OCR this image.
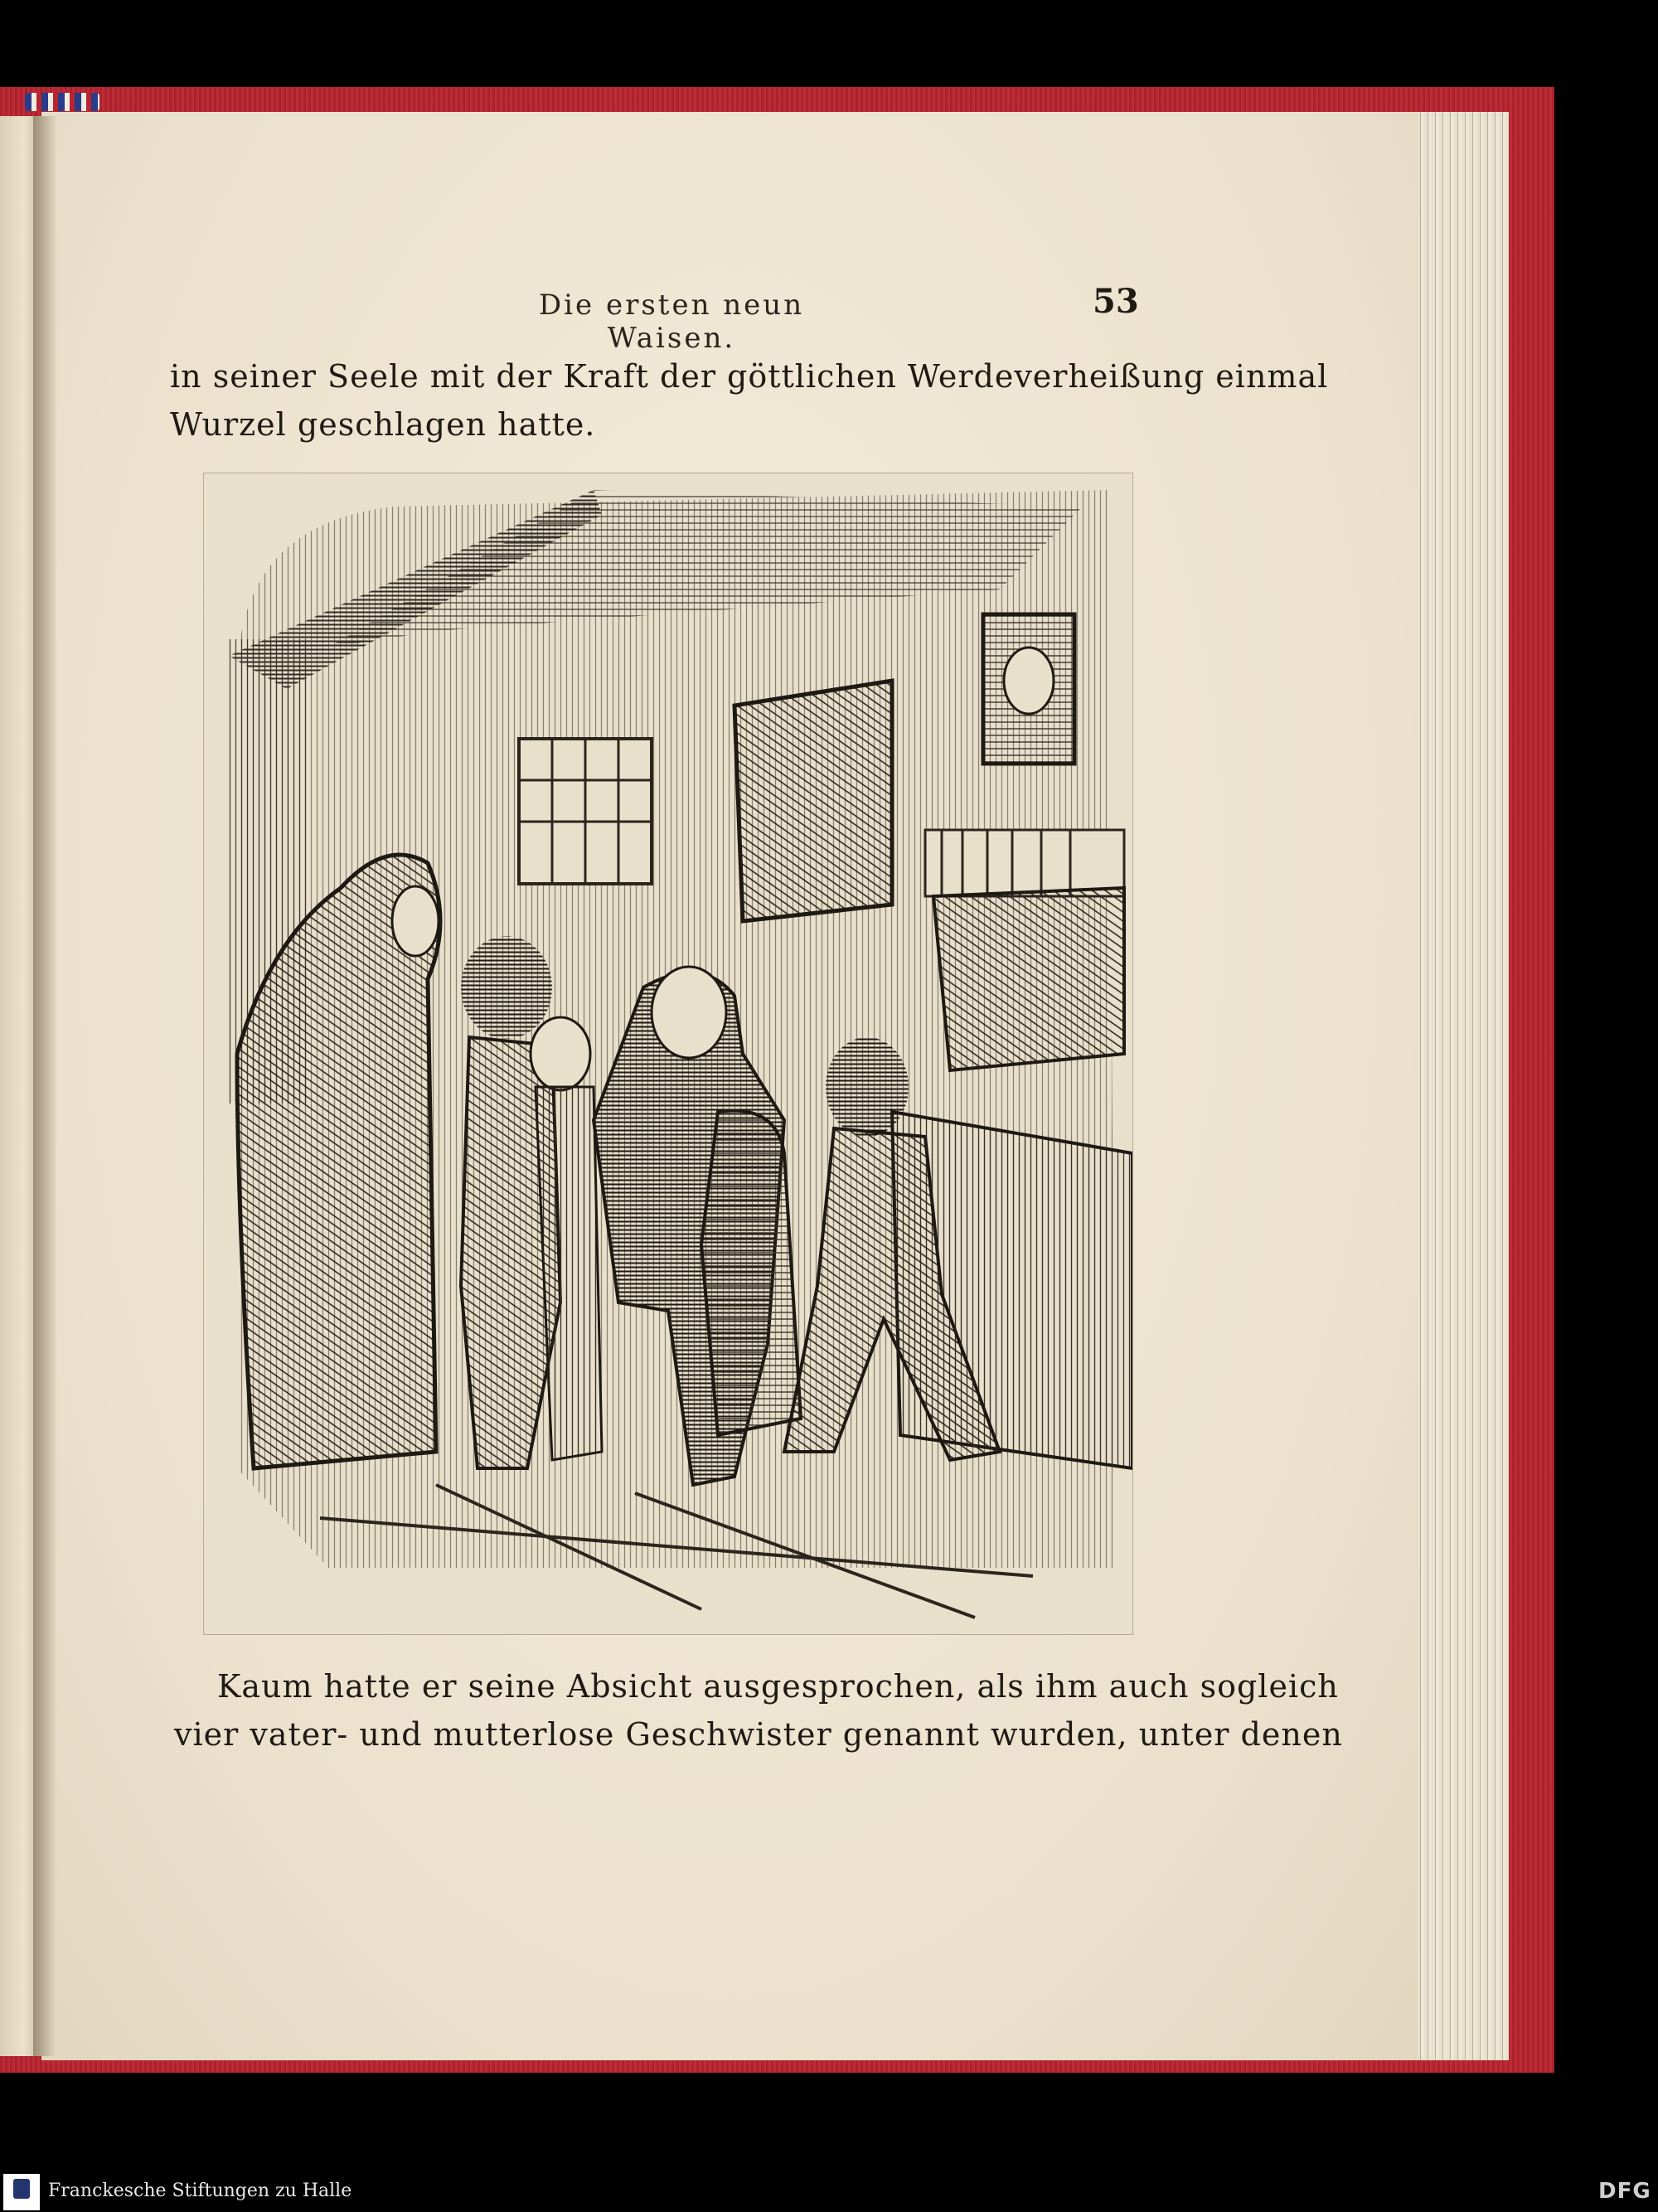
Die ersten neun Waisen.
53
in seiner Seele mit der Kraft der göttlichen Werdeverheißung einmal
Wurzel geschlagen hatte.
Kaum hatte er seine Absicht ausgesprochen, als ihm auch sogleich
vier vater- und mutterlose Geschwister genannt wurden, unter denen
Franckesche Stiftungen zu Halle	DFG
